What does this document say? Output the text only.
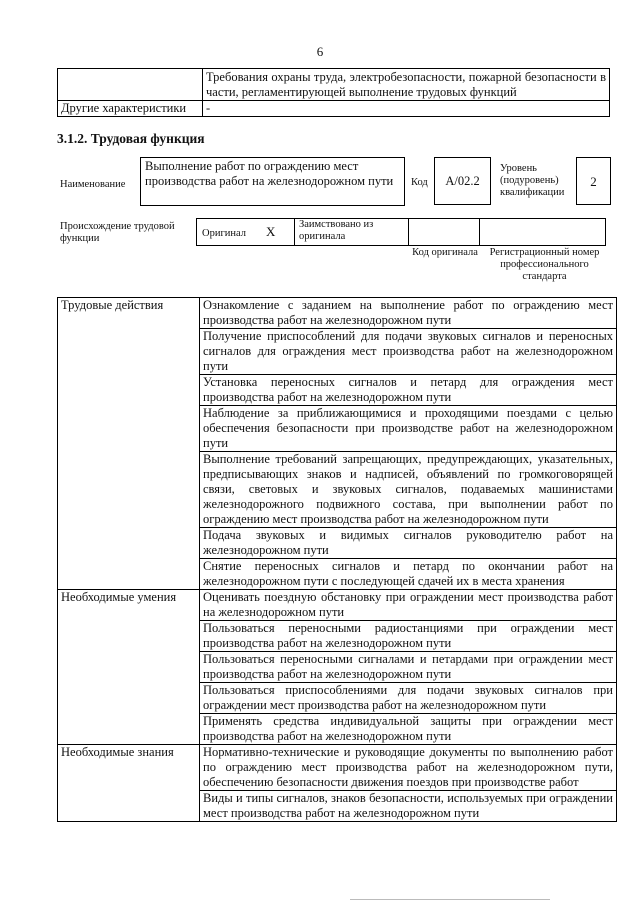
6
	Требования охраны труда, электробезопасности, пожарной безопасности в части, регламентирующей выполнение трудовых функций
Другие характеристики	-
3.1.2. Трудовая функция
Наименование
Выполнение работ по ограждению мест производства работ на железнодорожном пути	Код А/02.2
Уровень (подуровень) квалификации
2
Происхождение трудовой функции	Оригинал X Заимствовано из оригинала
Код оригинала	Регистрационный номер профессионального стандарта
Трудовые действия	Ознакомление с заданием на выполнение работ по ограждению мест производства работ на железнодорожном пути
	Получение приспособлений для подачи звуковых сигналов и переносных сигналов для ограждения мест производства работ на железнодорожном пути
	Установка переносных сигналов и петард для ограждения мест производства работ на железнодорожном пути
	Наблюдение за приближающимися и проходящими поездами с целью обеспечения безопасности при производстве работ на железнодорожном пути
	Выполнение требований запрещающих, предупреждающих, указательных, предписывающих знаков и надписей, объявлений по громкоговорящей связи, световых и звуковых сигналов, подаваемых машинистами железнодорожного подвижного состава, при выполнении работ по ограждению мест производства работ на железнодорожном пути
	Подача звуковых и видимых сигналов руководителю работ на железнодорожном пути
	Снятие переносных сигналов и петард по окончании работ на железнодорожном пути с последующей сдачей их в места хранения
Необходимые умения	Оценивать поездную обстановку при ограждении мест производства работ на железнодорожном пути
	Пользоваться переносными радиостанциями при ограждении мест производства работ на железнодорожном пути
	Пользоваться переносными сигналами и петардами при ограждении мест производства работ на железнодорожном пути
	Пользоваться приспособлениями для подачи звуковых сигналов при ограждении мест производства работ на железнодорожном пути
	Применять средства индивидуальной защиты при ограждении мест производства работ на железнодорожном пути
Необходимые знания	Нормативно-технические и руководящие документы по выполнению работ по ограждению мест производства работ на железнодорожном пути, обеспечению безопасности движения поездов при производстве работ
	Виды и типы сигналов, знаков безопасности, используемых при ограждении мест производства работ на железнодорожном пути
